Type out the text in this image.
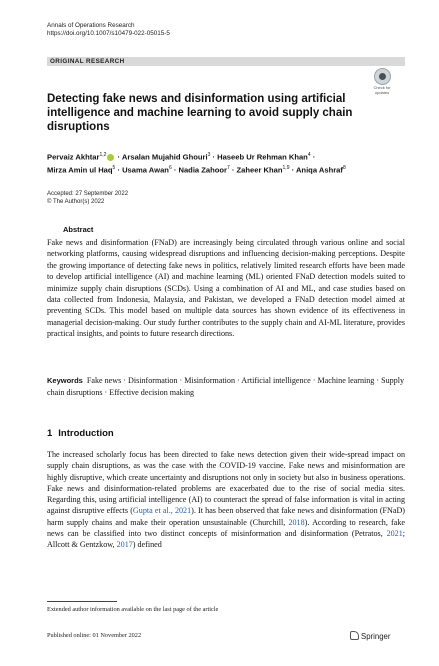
Annals of Operations Research
https://doi.org/10.1007/s10479-022-05015-5
ORIGINAL RESEARCH
Check for
updates
Detecting fake news and disinformation using artificial intelligence and machine learning to avoid supply chain disruptions
Pervaiz Akhtar$^{1,2}$ · Arsalan Mujahid Ghouri$^3$ · Haseeb Ur Rehman Khan$^4$ ·
Mirza Amin ul Haq$^5$ · Usama Awan$^6$ · Nadia Zahoor$^7$ · Zaheer Khan$^{1,9}$ · Aniqa Ashraf$^8$
Accepted: 27 September 2022
© The Author(s) 2022
Abstract
Fake news and disinformation (FNaD) are increasingly being circulated through various online and social networking platforms, causing widespread disruptions and influencing decision-making perceptions. Despite the growing importance of detecting fake news in politics, relatively limited research efforts have been made to develop artificial intelligence (AI) and machine learning (ML) oriented FNaD detection models suited to minimize supply chain disruptions (SCDs). Using a combination of AI and ML, and case studies based on data collected from Indonesia, Malaysia, and Pakistan, we developed a FNaD detection model aimed at preventing SCDs. This model based on multiple data sources has shown evidence of its effectiveness in managerial decision-making. Our study further contributes to the supply chain and AI-ML literature, provides practical insights, and points to future research directions.
Keywords Fake news · Disinformation · Misinformation · Artificial intelligence · Machine learning · Supply chain disruptions · Effective decision making
1 Introduction
The increased scholarly focus has been directed to fake news detection given their wide-spread impact on supply chain disruptions, as was the case with the COVID-19 vaccine. Fake news and misinformation are highly disruptive, which create uncertainty and disruptions not only in society but also in business operations. Fake news and disinformation-related problems are exacerbated due to the rise of social media sites. Regarding this, using artificial intelligence (AI) to counteract the spread of false information is vital in acting against disruptive effects (Gupta et al., 2021). It has been observed that fake news and disinformation (FNaD) harm supply chains and make their operation unsustainable (Churchill, 2018). According to research, fake news can be classified into two distinct concepts of misinformation and disinformation (Petratos, 2021; Allcott & Gentzkow, 2017) defined
Extended author information available on the last page of the article
Published online: 01 November 2022	Springer
